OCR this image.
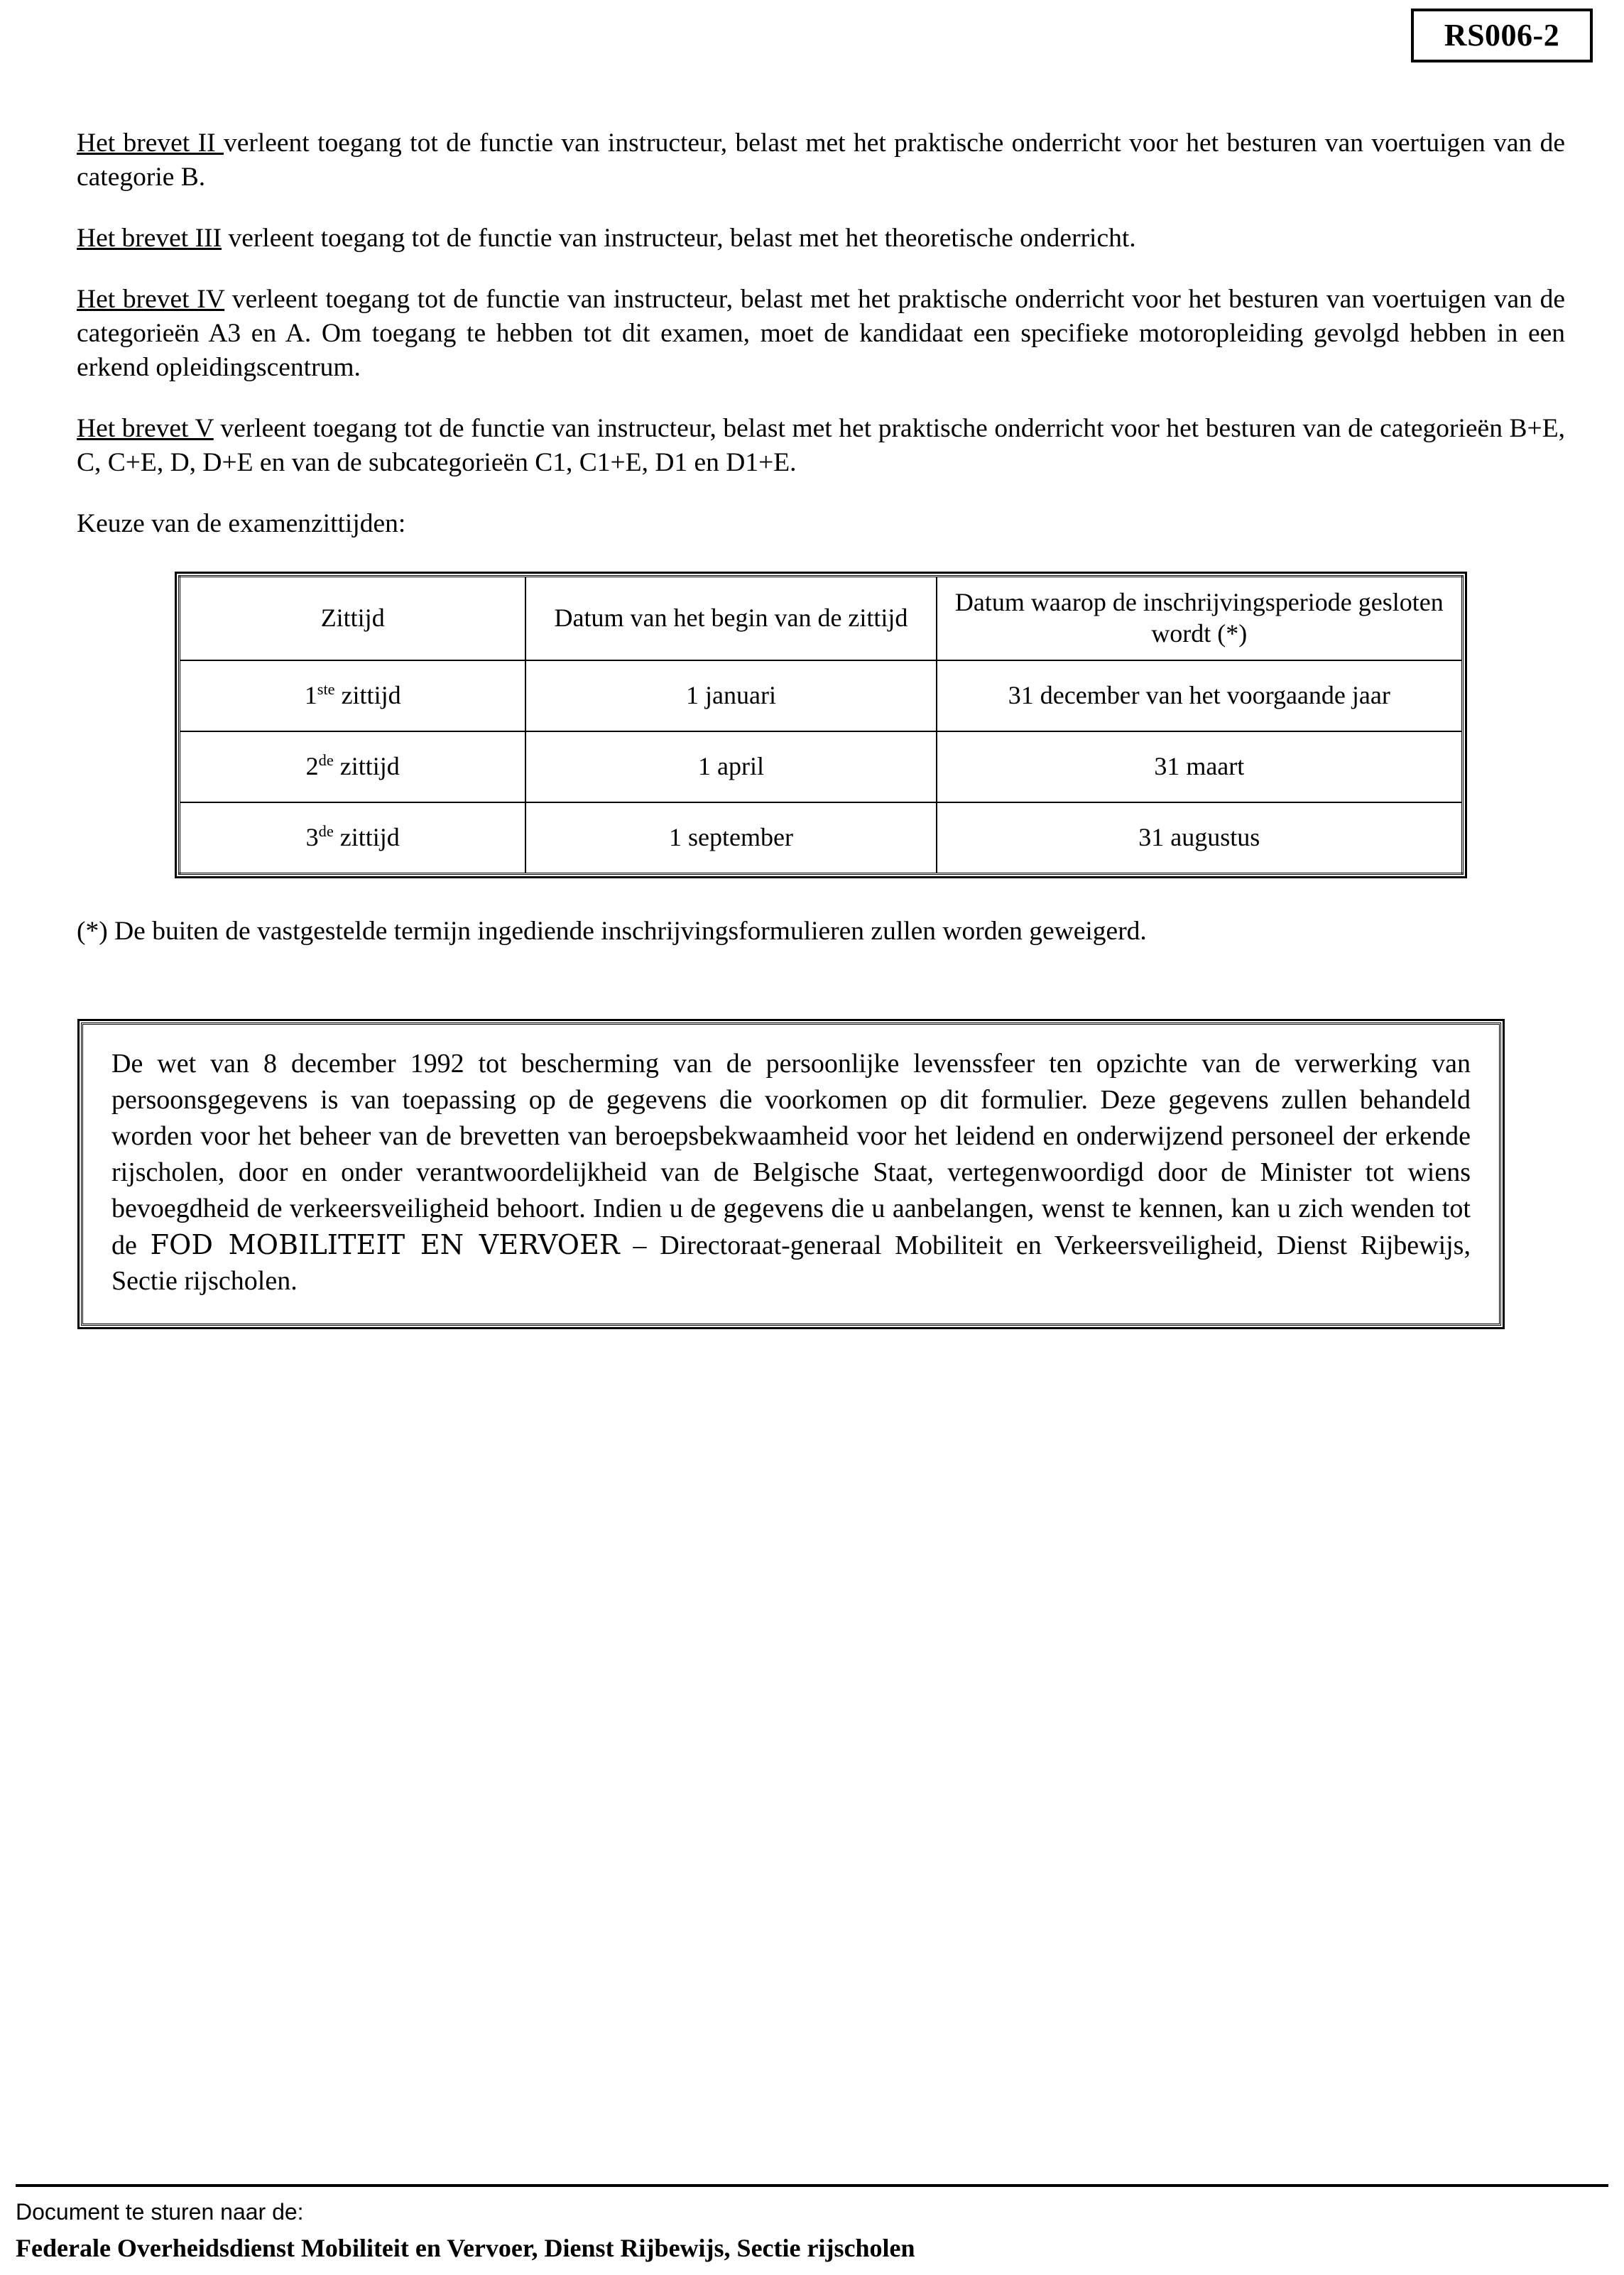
RS006-2

Het brevet II verleent toegang tot de functie van instructeur, belast met het praktische onderricht voor het besturen van voertuigen van de categorie B.

Het brevet III verleent toegang tot de functie van instructeur, belast met het theoretische onderricht.

Het brevet IV verleent toegang tot de functie van instructeur, belast met het praktische onderricht voor het besturen van voertuigen van de categorieën A3 en A. Om toegang te hebben tot dit examen, moet de kandidaat een specifieke motoropleiding gevolgd hebben in een erkend opleidingscentrum.

Het brevet V verleent toegang tot de functie van instructeur, belast met het praktische onderricht voor het besturen van de categorieën B+E, C, C+E, D, D+E en van de subcategorieën C1, C1+E, D1 en D1+E.

Keuze van de examenzittijden:

Zittijd	Datum van het begin van de zittijd	Datum waarop de inschrijvingsperiode gesloten wordt (*)
1ste zittijd	1 januari	31 december van het voorgaande jaar
2de zittijd	1 april	31 maart
3de zittijd	1 september	31 augustus

(*) De buiten de vastgestelde termijn ingediende inschrijvingsformulieren zullen worden geweigerd.

De wet van 8 december 1992 tot bescherming van de persoonlijke levenssfeer ten opzichte van de verwerking van persoonsgegevens is van toepassing op de gegevens die voorkomen op dit formulier. Deze gegevens zullen behandeld worden voor het beheer van de brevetten van beroepsbekwaamheid voor het leidend en onderwijzend personeel der erkende rijscholen, door en onder verantwoordelijkheid van de Belgische Staat, vertegenwoordigd door de Minister tot wiens bevoegdheid de verkeersveiligheid behoort. Indien u de gegevens die u aanbelangen, wenst te kennen, kan u zich wenden tot de FOD MOBILITEIT EN VERVOER – Directoraat-generaal Mobiliteit en Verkeersveiligheid, Dienst Rijbewijs, Sectie rijscholen.

Document te sturen naar de:

Federale Overheidsdienst Mobiliteit en Vervoer, Dienst Rijbewijs, Sectie rijscholen
